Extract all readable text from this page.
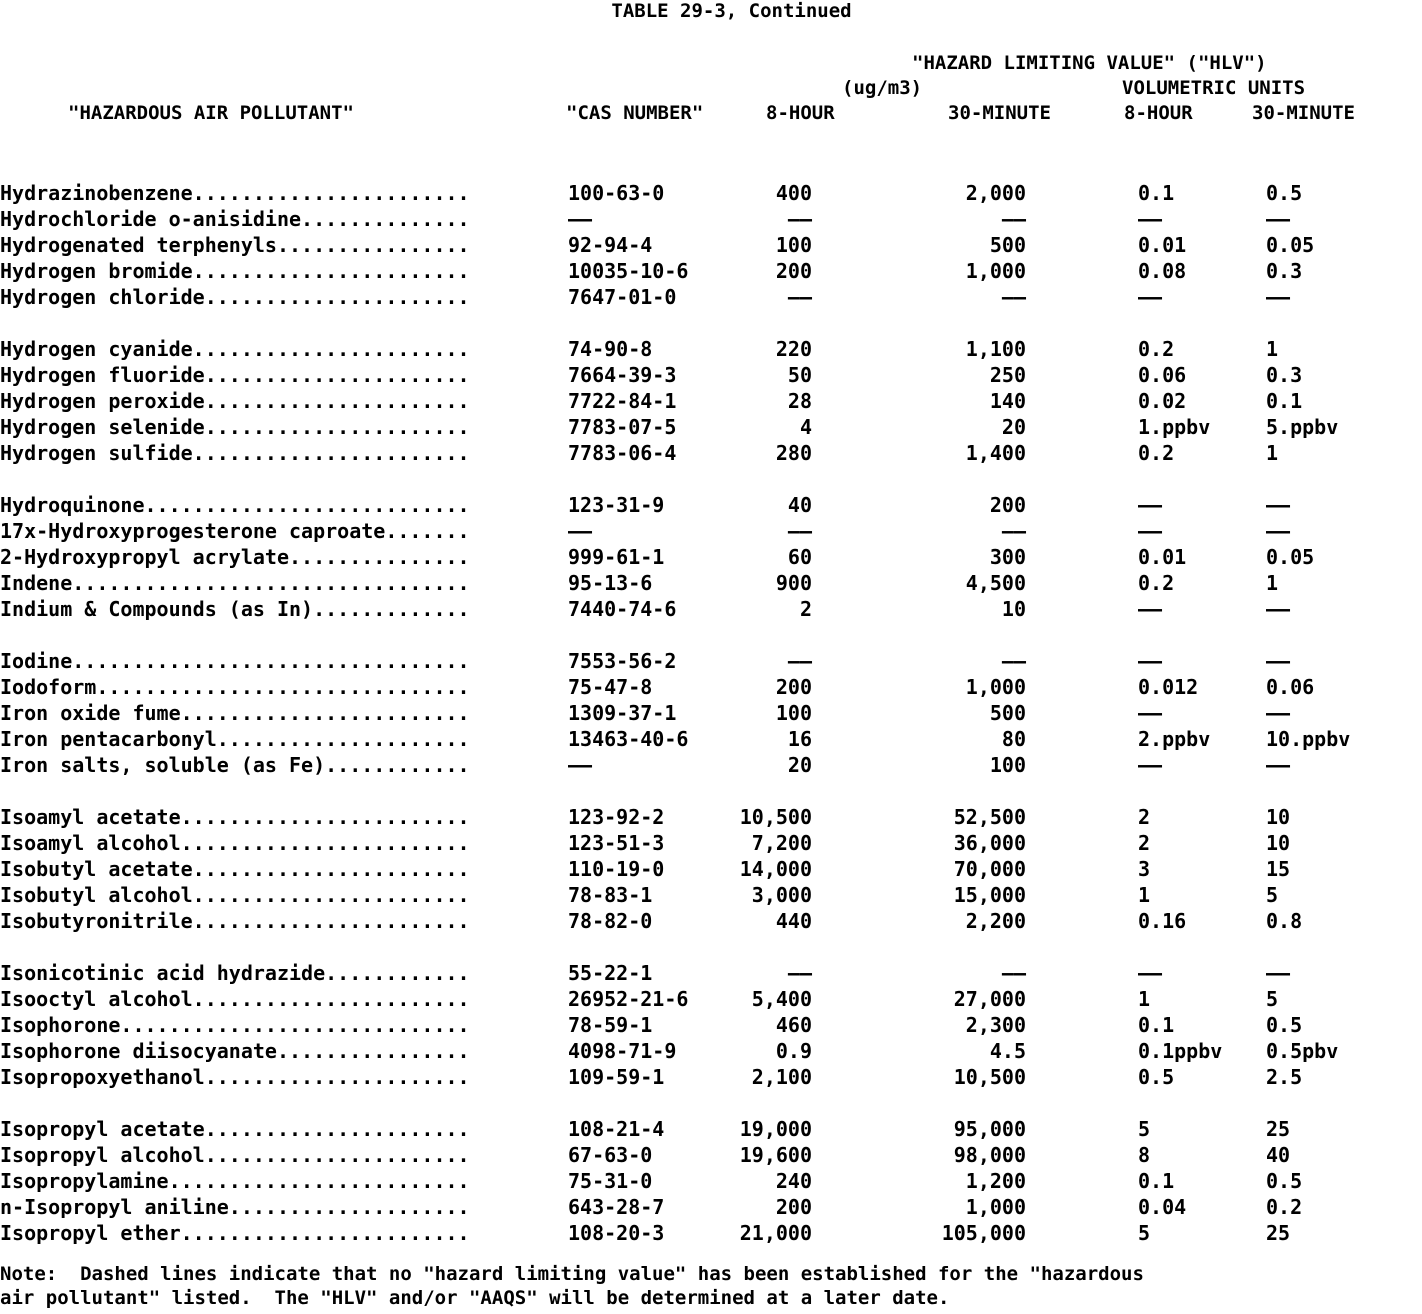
TABLE 29-3, Continued
"HAZARD LIMITING VALUE" ("HLV")
(ug/m3)	VOLUMETRIC UNITS
"HAZARDOUS AIR POLLUTANT"	"CAS NUMBER"	8-HOUR	30-MINUTE	8-HOUR	30-MINUTE
Hydrazinobenzene.......................	100-63-0	400	2,000	0.1	0.5
Hydrochloride o-anisidine..............	——	——	——	——	——
Hydrogenated terphenyls................	92-94-4	100	500	0.01	0.05
Hydrogen bromide.......................	10035-10-6	200	1,000	0.08	0.3
Hydrogen chloride......................	7647-01-0	——	——	——	——
Hydrogen cyanide.......................	74-90-8	220	1,100	0.2	1
Hydrogen fluoride......................	7664-39-3	50	250	0.06	0.3
Hydrogen peroxide......................	7722-84-1	28	140	0.02	0.1
Hydrogen selenide......................	7783-07-5	4	20	1.ppbv	5.ppbv
Hydrogen sulfide.......................	7783-06-4	280	1,400	0.2	1
Hydroquinone...........................	123-31-9	40	200	——	——
17x-Hydroxyprogesterone caproate.......	——	——	——	——	——
2-Hydroxypropyl acrylate...............	999-61-1	60	300	0.01	0.05
Indene.................................	95-13-6	900	4,500	0.2	1
Indium & Compounds (as In).............	7440-74-6	2	10	——	——
Iodine.................................	7553-56-2	——	——	——	——
Iodoform...............................	75-47-8	200	1,000	0.012	0.06
Iron oxide fume........................	1309-37-1	100	500	——	——
Iron pentacarbonyl.....................	13463-40-6	16	80	2.ppbv	10.ppbv
Iron salts, soluble (as Fe)............	——	20	100	——	——
Isoamyl acetate........................	123-92-2	10,500	52,500	2	10
Isoamyl alcohol........................	123-51-3	7,200	36,000	2	10
Isobutyl acetate.......................	110-19-0	14,000	70,000	3	15
Isobutyl alcohol.......................	78-83-1	3,000	15,000	1	5
Isobutyronitrile.......................	78-82-0	440	2,200	0.16	0.8
Isonicotinic acid hydrazide............	55-22-1	——	——	——	——
Isooctyl alcohol.......................	26952-21-6	5,400	27,000	1	5
Isophorone.............................	78-59-1	460	2,300	0.1	0.5
Isophorone diisocyanate................	4098-71-9	0.9	4.5	0.1ppbv 0.5pbv
Isopropoxyethanol......................	109-59-1	2,100	10,500	0.5	2.5
Isopropyl acetate......................	108-21-4	19,000	95,000	5	25
Isopropyl alcohol......................	67-63-0	19,600	98,000	8	40
Isopropylamine.........................	75-31-0	240	1,200	0.1	0.5
n-Isopropyl aniline....................	643-28-7	200	1,000	0.04	0.2
Isopropyl ether........................	108-20-3	21,000	105,000	5	25
Note:  Dashed lines indicate that no "hazard limiting value" has been established for the "hazardous
air pollutant" listed.  The "HLV" and/or "AAQS" will be determined at a later date.
